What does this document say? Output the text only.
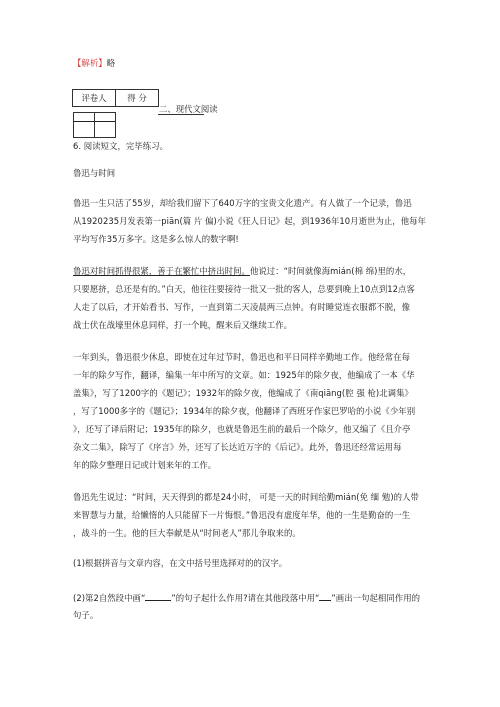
【解析】略
评卷人	得 分

二、现代文阅读
6. 阅读短文，完毕练习。
鲁迅与时间
鲁迅一生只活了55岁，却给我们留下了640万字的宝贵文化遗产。有人做了一个记录，鲁迅
从1920235月发表第一piān(篇 片 偏)小说《狂人日记》起，到1936年10月逝世为止，他每年
平均写作35万多字。这是多么惊人的数字啊!
鲁迅对时间抓得很紧，善于在繁忙中挤出时间。他说过：“时间就像海mián(棉 绵)里的水，
只要愿挤，总还是有的。”白天，他往往要接待一批又一批的客人，总要到晚上10点到12点客
人走了以后，才开始看书、写作，一直到第二天凌晨两三点钟。有时睡觉连衣服都不脱，像
战士伏在战壕里休息同样，打一个盹，醒来后又继续工作。
一年到头，鲁迅很少休息，即使在过年过节时，鲁迅也和平日同样辛勤地工作。他经常在每
一年的除夕写作，翻译，编集一年中所写的文章。如：1925年的除夕夜，他编成了一本《华
盖集》，写了1200字的《题记》；1932年的除夕夜，他编成了《南qiāng(腔 强 枪)北调集》
，写了1000多字的《题记》；1934年的除夕夜，他翻译了西班牙作家巴罗哈的小说《少年别
》，还写了译后附记；1935年的除夕，也就是鲁迅生前的最后一个除夕，他又编了《且介亭
杂文二集》，除写了《序言》外，还写了长达近万字的《后记》。此外，鲁迅还经常运用每
年的除夕整理日记或计划来年的工作。
鲁迅先生说过：“时间，天天得到的都是24小时， 可是一天的时间给勤mián(免 缅 勉)的人带
来智慧与力量，给懒惰的人只能留下一片悔恨。”鲁迅没有虚度年华，他的一生是勤奋的一生
，战斗的一生。他的巨大奉献是从“时间老人”那儿争取来的。
(1)根据拼音与文章内容，在文中括号里选择对的的汉字。
(2)第2自然段中画“	”的句子起什么作用?请在其他段落中用“ ”画出一句起相同作用的
句子。
